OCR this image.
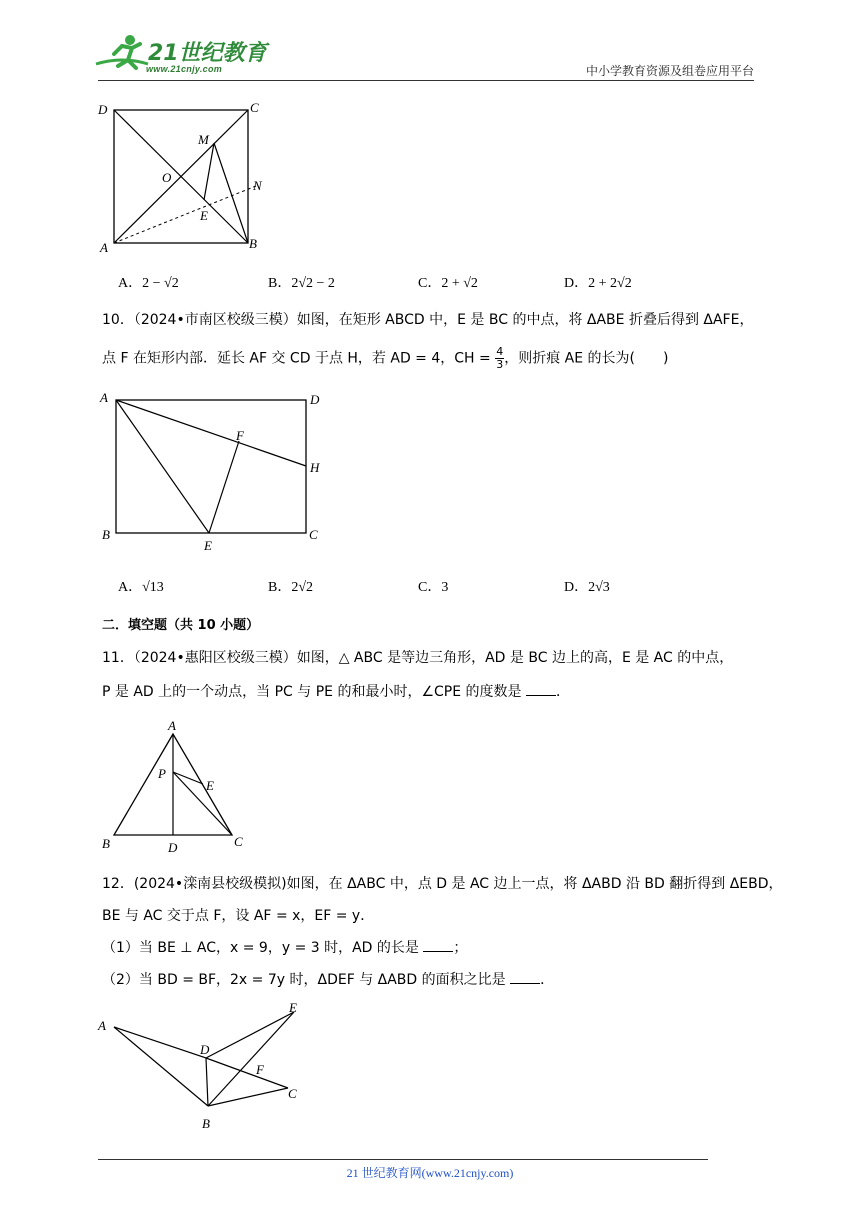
21世纪教育
www.21cnjy.com	中小学教育资源及组卷应用平台
D	C
M
O
N
E
A	B
A．2 − √2	B．2√2 − 2	C．2 + √2	D．2 + 2√2
10．（2024•市南区校级三模）如图，在矩形 ABCD 中，E 是 BC 的中点，将 ΔABE 折叠后得到 ΔAFE，
点 F 在矩形内部．延长 AF 交 CD 于点 H，若 AD = 4，CH = $\frac{4}{3}$ ，则折痕 AE 的长为(　　)
A	D
F
H
B
E
C
A．√13	B．2√2	C．3	D．2√3
二．填空题（共 10 小题）
11．（2024•惠阳区校级三模）如图，△ ABC 是等边三角形，AD 是 BC 边上的高，E 是 AC 的中点，
P 是 AD 上的一个动点，当 PC 与 PE 的和最小时，∠CPE 的度数是 ．
A
P
E
B	D	C
12．(2024•滦南县校级模拟)如图，在 ΔABC 中，点 D 是 AC 边上一点，将 ΔABD 沿 BD 翻折得到 ΔEBD，
BE 与 AC 交于点 F，设 AF = x，EF = y．
（1）当 BE ⊥ AC，x = 9，y = 3 时，AD 的长是 ；
（2）当 BD = BF，2x = 7y 时，ΔDEF 与 ΔABD 的面积之比是 ．
A
E
D
F
C
B
21 世纪教育网(www.21cnjy.com)
